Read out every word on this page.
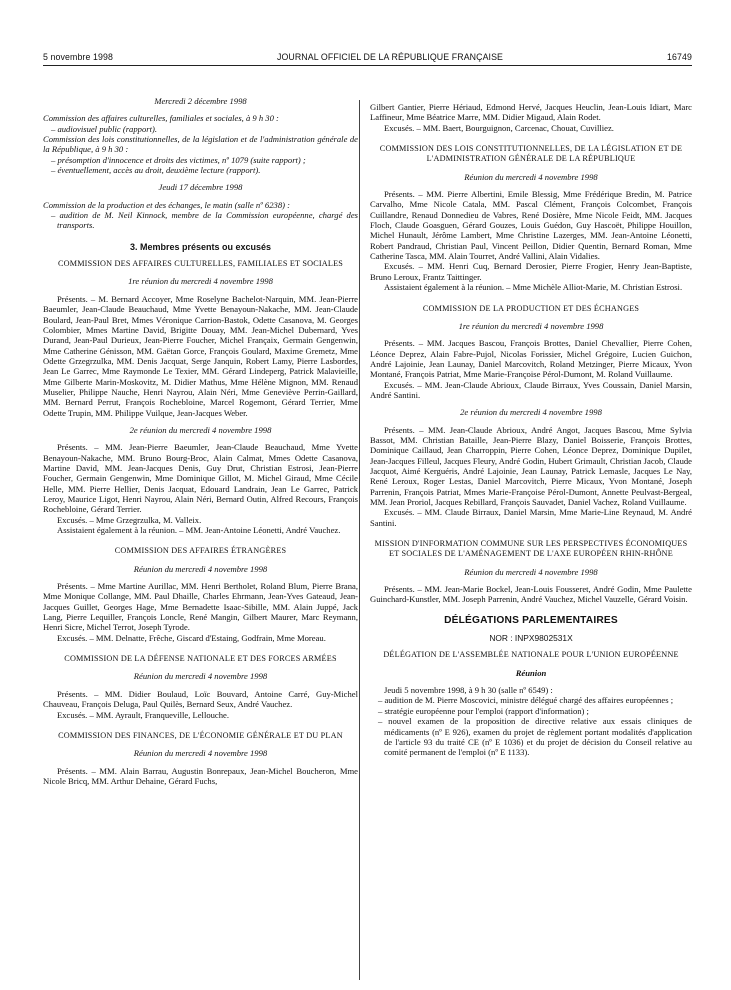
5 novembre 1998	JOURNAL OFFICIEL DE LA RÉPUBLIQUE FRANÇAISE	16749

Mercredi 2 décembre 1998

Commission des affaires culturelles, familiales et sociales, à 9 h 30 :

– audiovisuel public (rapport).

Commission des lois constitutionnelles, de la législation et de l'administration générale de la République, à 9 h 30 :

– présomption d'innocence et droits des victimes, nº 1079 (suite rapport) ;

– éventuellement, accès au droit, deuxième lecture (rapport).

Jeudi 17 décembre 1998

Commission de la production et des échanges, le matin (salle nº 6238) :

– audition de M. Neil Kinnock, membre de la Commission européenne, chargé des transports.

3. Membres présents ou excusés

COMMISSION DES AFFAIRES CULTURELLES, FAMILIALES ET SOCIALES

1re réunion du mercredi 4 novembre 1998

Présents. – M. Bernard Accoyer, Mme Roselyne Bachelot-Narquin, MM. Jean-Pierre Baeumler, Jean-Claude Beauchaud, Mme Yvette Benayoun-Nakache, MM. Jean-Claude Boulard, Jean-Paul Bret, Mmes Véronique Carrion-Bastok, Odette Casanova, M. Georges Colombier, Mmes Martine David, Brigitte Douay, MM. Jean-Michel Dubernard, Yves Durand, Jean-Paul Durieux, Jean-Pierre Foucher, Michel Françaix, Germain Gengenwin, Mme Catherine Génisson, MM. Gaëtan Gorce, François Goulard, Maxime Gremetz, Mme Odette Grzegrzulka, MM. Denis Jacquat, Serge Janquin, Robert Lamy, Pierre Lasbordes, Jean Le Garrec, Mme Raymonde Le Texier, MM. Gérard Lindeperg, Patrick Malavieille, Mme Gilberte Marin-Moskovitz, M. Didier Mathus, Mme Hélène Mignon, MM. Renaud Muselier, Philippe Nauche, Henri Nayrou, Alain Néri, Mme Geneviève Perrin-Gaillard, MM. Bernard Perrut, François Rochebloine, Marcel Rogemont, Gérard Terrier, Mme Odette Trupin, MM. Philippe Vuilque, Jean-Jacques Weber.

2e réunion du mercredi 4 novembre 1998

Présents. – MM. Jean-Pierre Baeumler, Jean-Claude Beauchaud, Mme Yvette Benayoun-Nakache, MM. Bruno Bourg-Broc, Alain Calmat, Mmes Odette Casanova, Martine David, MM. Jean-Jacques Denis, Guy Drut, Christian Estrosi, Jean-Pierre Foucher, Germain Gengenwin, Mme Dominique Gillot, M. Michel Giraud, Mme Cécile Helle, MM. Pierre Hellier, Denis Jacquat, Edouard Landrain, Jean Le Garrec, Patrick Leroy, Maurice Ligot, Henri Nayrou, Alain Néri, Bernard Outin, Alfred Recours, François Rochebloine, Gérard Terrier.

Excusés. – Mme Grzegrzulka, M. Valleix.

Assistaient également à la réunion. – MM. Jean-Antoine Léonetti, André Vauchez.

COMMISSION DES AFFAIRES ÉTRANGÈRES

Réunion du mercredi 4 novembre 1998

Présents. – Mme Martine Aurillac, MM. Henri Bertholet, Roland Blum, Pierre Brana, Mme Monique Collange, MM. Paul Dhaille, Charles Ehrmann, Jean-Yves Gateaud, Jean-Jacques Guillet, Georges Hage, Mme Bernadette Isaac-Sibille, MM. Alain Juppé, Jack Lang, Pierre Lequiller, François Loncle, René Mangin, Gilbert Maurer, Marc Reymann, Henri Sicre, Michel Terrot, Joseph Tyrode.

Excusés. – MM. Delnatte, Frêche, Giscard d'Estaing, Godfrain, Mme Moreau.

COMMISSION DE LA DÉFENSE NATIONALE ET DES FORCES ARMÉES

Réunion du mercredi 4 novembre 1998

Présents. – MM. Didier Boulaud, Loïc Bouvard, Antoine Carré, Guy-Michel Chauveau, François Deluga, Paul Quilès, Bernard Seux, André Vauchez.

Excusés. – MM. Ayrault, Franqueville, Lellouche.

COMMISSION DES FINANCES, DE L'ÉCONOMIE GÉNÉRALE ET DU PLAN

Réunion du mercredi 4 novembre 1998

Présents. – MM. Alain Barrau, Augustin Bonrepaux, Jean-Michel Boucheron, Mme Nicole Bricq, MM. Arthur Dehaine, Gérard Fuchs,

Gilbert Gantier, Pierre Hériaud, Edmond Hervé, Jacques Heuclin, Jean-Louis Idiart, Marc Laffineur, Mme Béatrice Marre, MM. Didier Migaud, Alain Rodet.

Excusés. – MM. Baert, Bourguignon, Carcenac, Chouat, Cuvilliez.

COMMISSION DES LOIS CONSTITUTIONNELLES, DE LA LÉGISLATION ET DE L'ADMINISTRATION GÉNÉRALE DE LA RÉPUBLIQUE

Réunion du mercredi 4 novembre 1998

Présents. – MM. Pierre Albertini, Emile Blessig, Mme Frédérique Bredin, M. Patrice Carvalho, Mme Nicole Catala, MM. Pascal Clément, François Colcombet, François Cuillandre, Renaud Donnedieu de Vabres, René Dosière, Mme Nicole Feidt, MM. Jacques Floch, Claude Goasguen, Gérard Gouzes, Louis Guédon, Guy Hascoët, Philippe Houillon, Michel Hunault, Jérôme Lambert, Mme Christine Lazerges, MM. Jean-Antoine Léonetti, Robert Pandraud, Christian Paul, Vincent Peillon, Didier Quentin, Bernard Roman, Mme Catherine Tasca, MM. Alain Tourret, André Vallini, Alain Vidalies.

Excusés. – MM. Henri Cuq, Bernard Derosier, Pierre Frogier, Henry Jean-Baptiste, Bruno Leroux, Frantz Taittinger.

Assistaient également à la réunion. – Mme Michèle Alliot-Marie, M. Christian Estrosi.

COMMISSION DE LA PRODUCTION ET DES ÉCHANGES

1re réunion du mercredi 4 novembre 1998

Présents. – MM. Jacques Bascou, François Brottes, Daniel Chevallier, Pierre Cohen, Léonce Deprez, Alain Fabre-Pujol, Nicolas Forissier, Michel Grégoire, Lucien Guichon, André Lajoinie, Jean Launay, Daniel Marcovitch, Roland Metzinger, Pierre Micaux, Yvon Montané, François Patriat, Mme Marie-Françoise Pérol-Dumont, M. Roland Vuillaume.

Excusés. – MM. Jean-Claude Abrioux, Claude Birraux, Yves Coussain, Daniel Marsin, André Santini.

2e réunion du mercredi 4 novembre 1998

Présents. – MM. Jean-Claude Abrioux, André Angot, Jacques Bascou, Mme Sylvia Bassot, MM. Christian Bataille, Jean-Pierre Blazy, Daniel Boisserie, François Brottes, Dominique Caillaud, Jean Charroppin, Pierre Cohen, Léonce Deprez, Dominique Dupilet, Jean-Jacques Filleul, Jacques Fleury, André Godin, Hubert Grimault, Christian Jacob, Claude Jacquot, Aimé Kerguéris, André Lajoinie, Jean Launay, Patrick Lemasle, Jacques Le Nay, René Leroux, Roger Lestas, Daniel Marcovitch, Pierre Micaux, Yvon Montané, Joseph Parrenin, François Patriat, Mmes Marie-Françoise Pérol-Dumont, Annette Peulvast-Bergeal, MM. Jean Proriol, Jacques Rebillard, François Sauvadet, Daniel Vachez, Roland Vuillaume.

Excusés. – MM. Claude Birraux, Daniel Marsin, Mme Marie-Line Reynaud, M. André Santini.

MISSION D'INFORMATION COMMUNE SUR LES PERSPECTIVES ÉCONOMIQUES ET SOCIALES DE L'AMÉNAGEMENT DE L'AXE EUROPÉEN RHIN-RHÔNE

Réunion du mercredi 4 novembre 1998

Présents. – MM. Jean-Marie Bockel, Jean-Louis Fousseret, André Godin, Mme Paulette Guinchard-Kunstler, MM. Joseph Parrenin, André Vauchez, Michel Vauzelle, Gérard Voisin.

DÉLÉGATIONS PARLEMENTAIRES

NOR : INPX9802531X

DÉLÉGATION DE L'ASSEMBLÉE NATIONALE POUR L'UNION EUROPÉENNE

Réunion

Jeudi 5 novembre 1998, à 9 h 30 (salle nº 6549) :

– audition de M. Pierre Moscovici, ministre délégué chargé des affaires européennes ;

– stratégie européenne pour l'emploi (rapport d'information) ;

– nouvel examen de la proposition de directive relative aux essais cliniques de médicaments (nº E 926), examen du projet de règlement portant modalités d'application de l'article 93 du traité CE (nº E 1036) et du projet de décision du Conseil relative au comité permanent de l'emploi (nº E 1133).
